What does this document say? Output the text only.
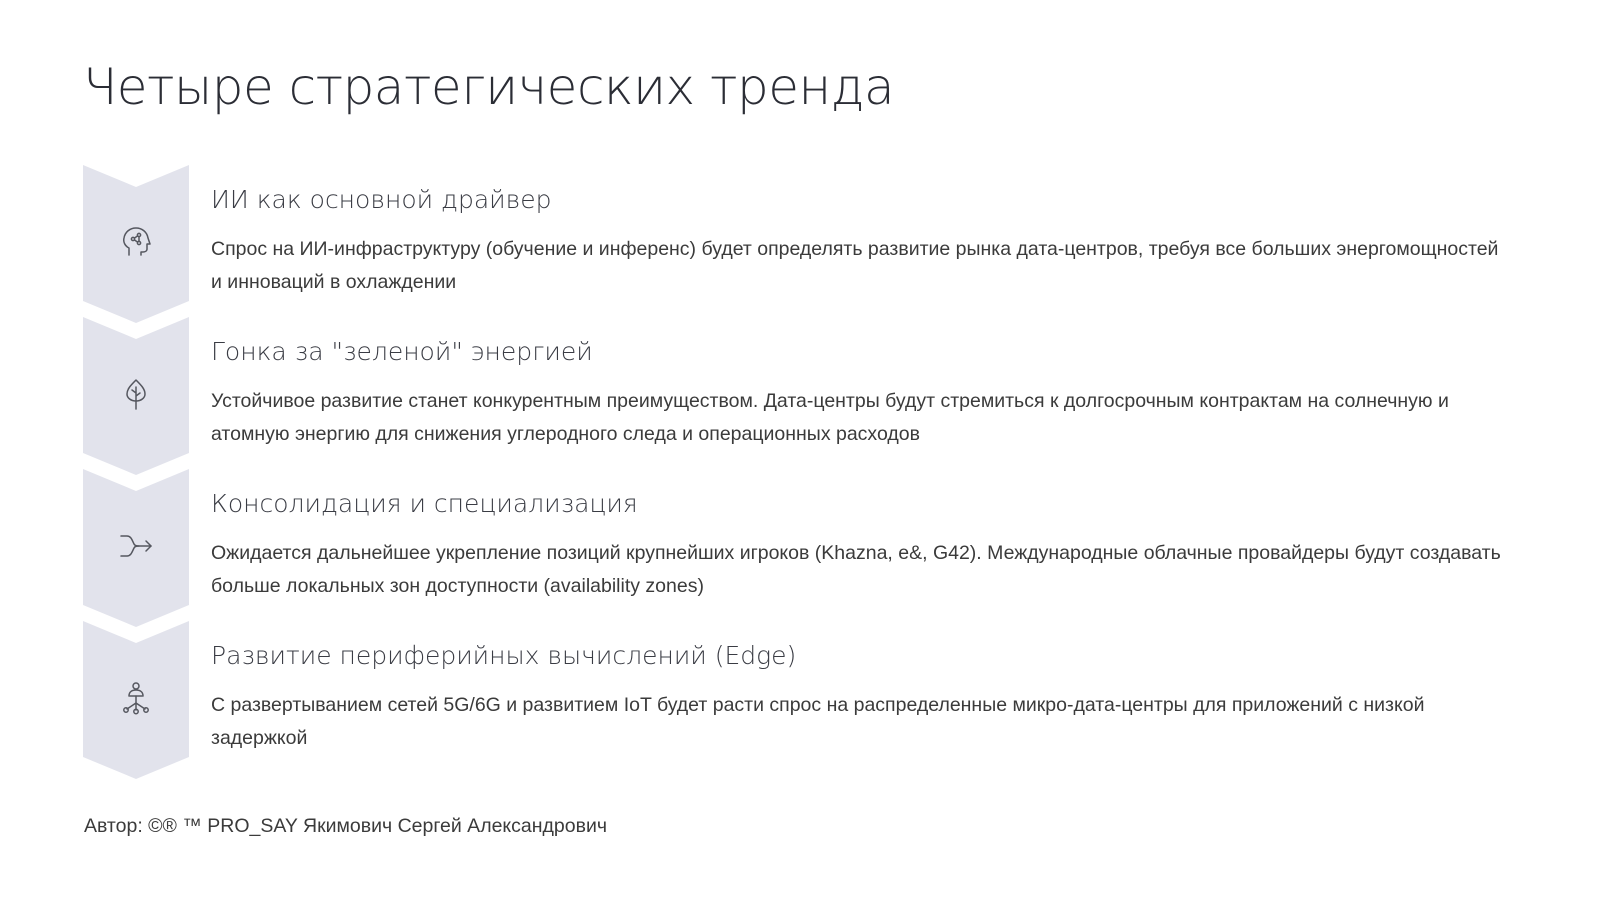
Четыре стратегических тренда
ИИ как основной драйвер
Спрос на ИИ-инфраструктуру (обучение и инференс) будет определять развитие рынка дата-центров, требуя все больших энергомощностей и инноваций в охлаждении
Гонка за "зеленой" энергией
Устойчивое развитие станет конкурентным преимуществом. Дата-центры будут стремиться к долгосрочным контрактам на солнечную и атомную энергию для снижения углеродного следа и операционных расходов
Консолидация и специализация
Ожидается дальнейшее укрепление позиций крупнейших игроков (Khazna, e&, G42). Международные облачные провайдеры будут создавать больше локальных зон доступности (availability zones)
Развитие периферийных вычислений (Edge)
С развертыванием сетей 5G/6G и развитием IoT будет расти спрос на распределенные микро-дата-центры для приложений с низкой задержкой
Автор: ©® ™ PRO_SAY Якимович Сергей Александрович
